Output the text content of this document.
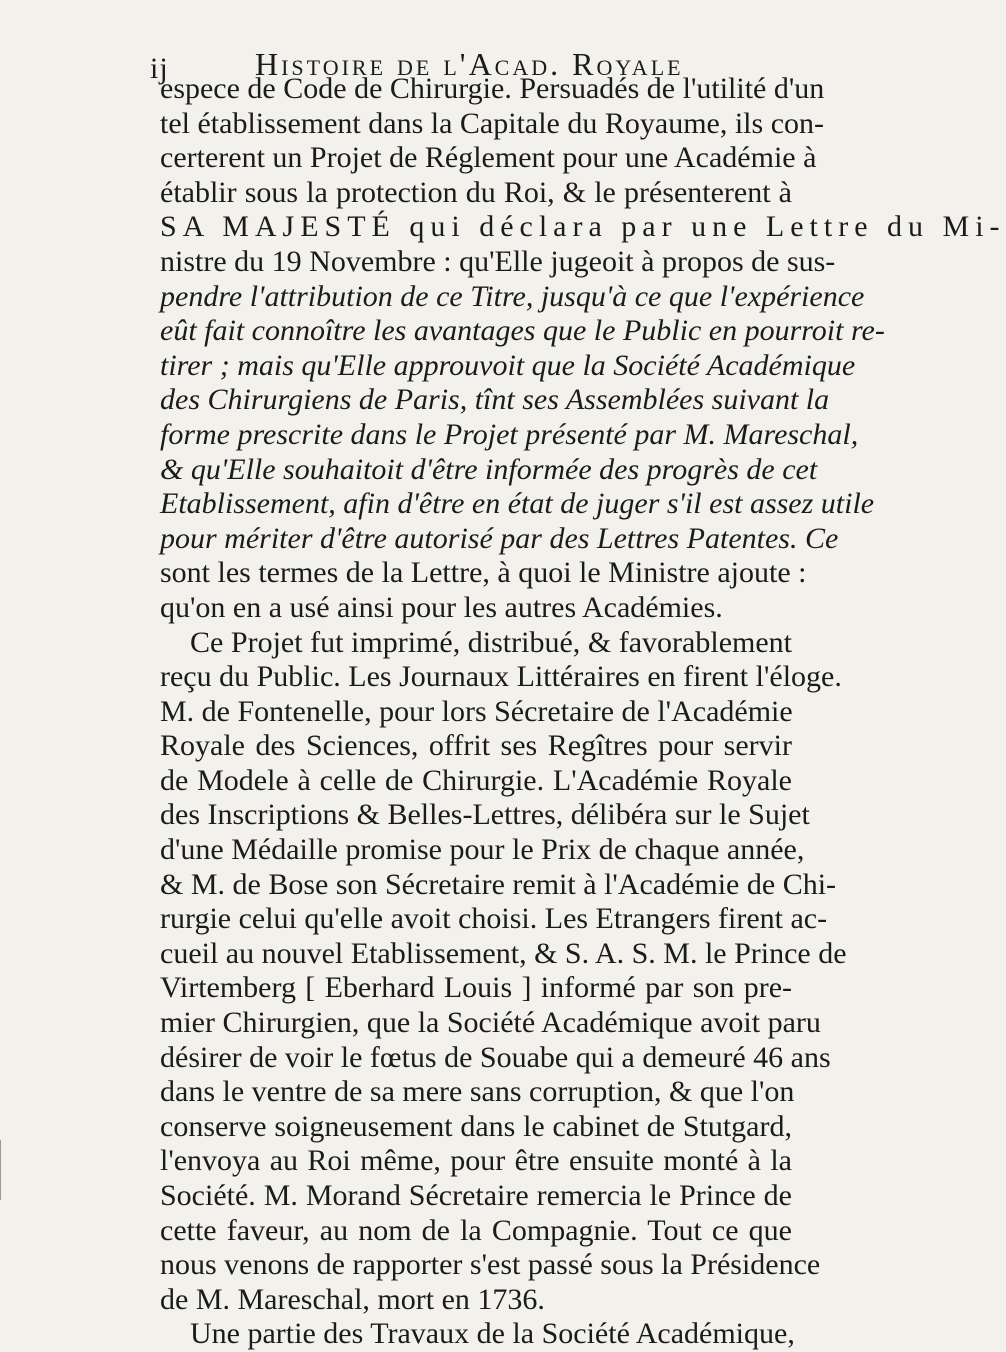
ij	Histoire de l'Acad. Royale
espece de Code de Chirurgie. Persuadés de l'utilité d'un
tel établissement dans la Capitale du Royaume, ils con-
certerent un Projet de Réglement pour une Académie à
établir sous la protection du Roi, & le présenterent à
SA MAJESTÉ qui déclara par une Lettre du Mi-
nistre du 19 Novembre : qu'Elle jugeoit à propos de sus-
pendre l'attribution de ce Titre, jusqu'à ce que l'expérience
eût fait connoître les avantages que le Public en pourroit re-
tirer ; mais qu'Elle approuvoit que la Société Académique
des Chirurgiens de Paris, tînt ses Assemblées suivant la
forme prescrite dans le Projet présenté par M. Mareschal,
& qu'Elle souhaitoit d'être informée des progrès de cet
Etablissement, afin d'être en état de juger s'il est assez utile
pour mériter d'être autorisé par des Lettres Patentes. Ce
sont les termes de la Lettre, à quoi le Ministre ajoute :
qu'on en a usé ainsi pour les autres Académies.
Ce Projet fut imprimé, distribué, & favorablement
reçu du Public. Les Journaux Littéraires en firent l'éloge.
M. de Fontenelle, pour lors Sécretaire de l'Académie
Royale des Sciences, offrit ses Regîtres pour servir
de Modele à celle de Chirurgie. L'Académie Royale
des Inscriptions & Belles-Lettres, délibéra sur le Sujet
d'une Médaille promise pour le Prix de chaque année,
& M. de Bose son Sécretaire remit à l'Académie de Chi-
rurgie celui qu'elle avoit choisi. Les Etrangers firent ac-
cueil au nouvel Etablissement, & S. A. S. M. le Prince de
Virtemberg [ Eberhard Louis ] informé par son pre-
mier Chirurgien, que la Société Académique avoit paru
désirer de voir le fœtus de Souabe qui a demeuré 46 ans
dans le ventre de sa mere sans corruption, & que l'on
conserve soigneusement dans le cabinet de Stutgard,
l'envoya au Roi même, pour être ensuite monté à la
Société. M. Morand Sécretaire remercia le Prince de
cette faveur, au nom de la Compagnie. Tout ce que
nous venons de rapporter s'est passé sous la Présidence
de M. Mareschal, mort en 1736.
Une partie des Travaux de la Société Académique,
